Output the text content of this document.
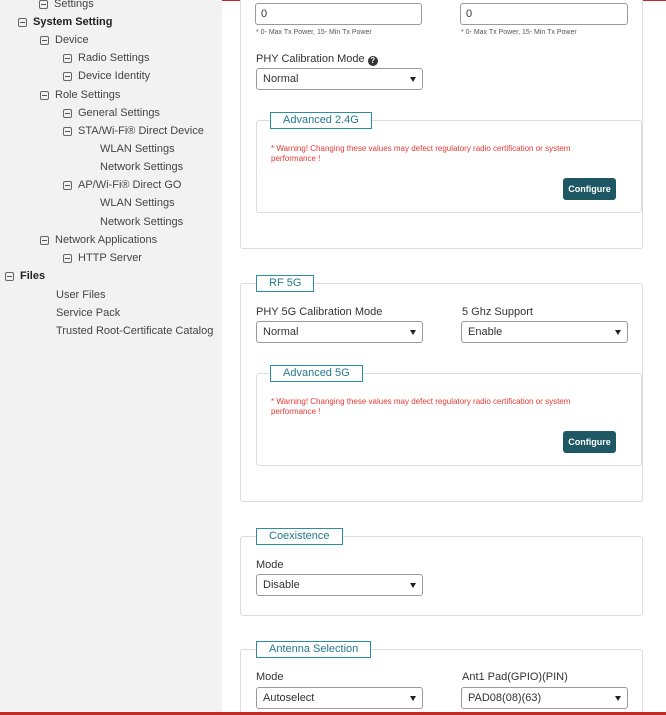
Settings
System Setting
Device
Radio Settings
Device Identity
Role Settings
General Settings
STA/Wi-Fi® Direct Device
WLAN Settings
Network Settings
AP/Wi-Fi® Direct GO
WLAN Settings
Network Settings
Network Applications
HTTP Server
Files
User Files
Service Pack
Trusted Root-Certificate Catalog
0	0
* 0- Max Tx Power, 15- Min Tx Power	* 0- Max Tx Power, 15- Min Tx Power
PHY Calibration Mode ?
Normal
Advanced 2.4G
* Warning! Changing these values may defect regulatory radio certification or system performance !
Configure
RF 5G
PHY 5G Calibration Mode
Normal
5 Ghz Support
Enable
Advanced 5G
* Warning! Changing these values may defect regulatory radio certification or system performance !
Configure
Coexistence
Mode
Disable
Antenna Selection
Mode
Autoselect
Ant1 Pad(GPIO)(PIN)
PAD08(08)(63)
